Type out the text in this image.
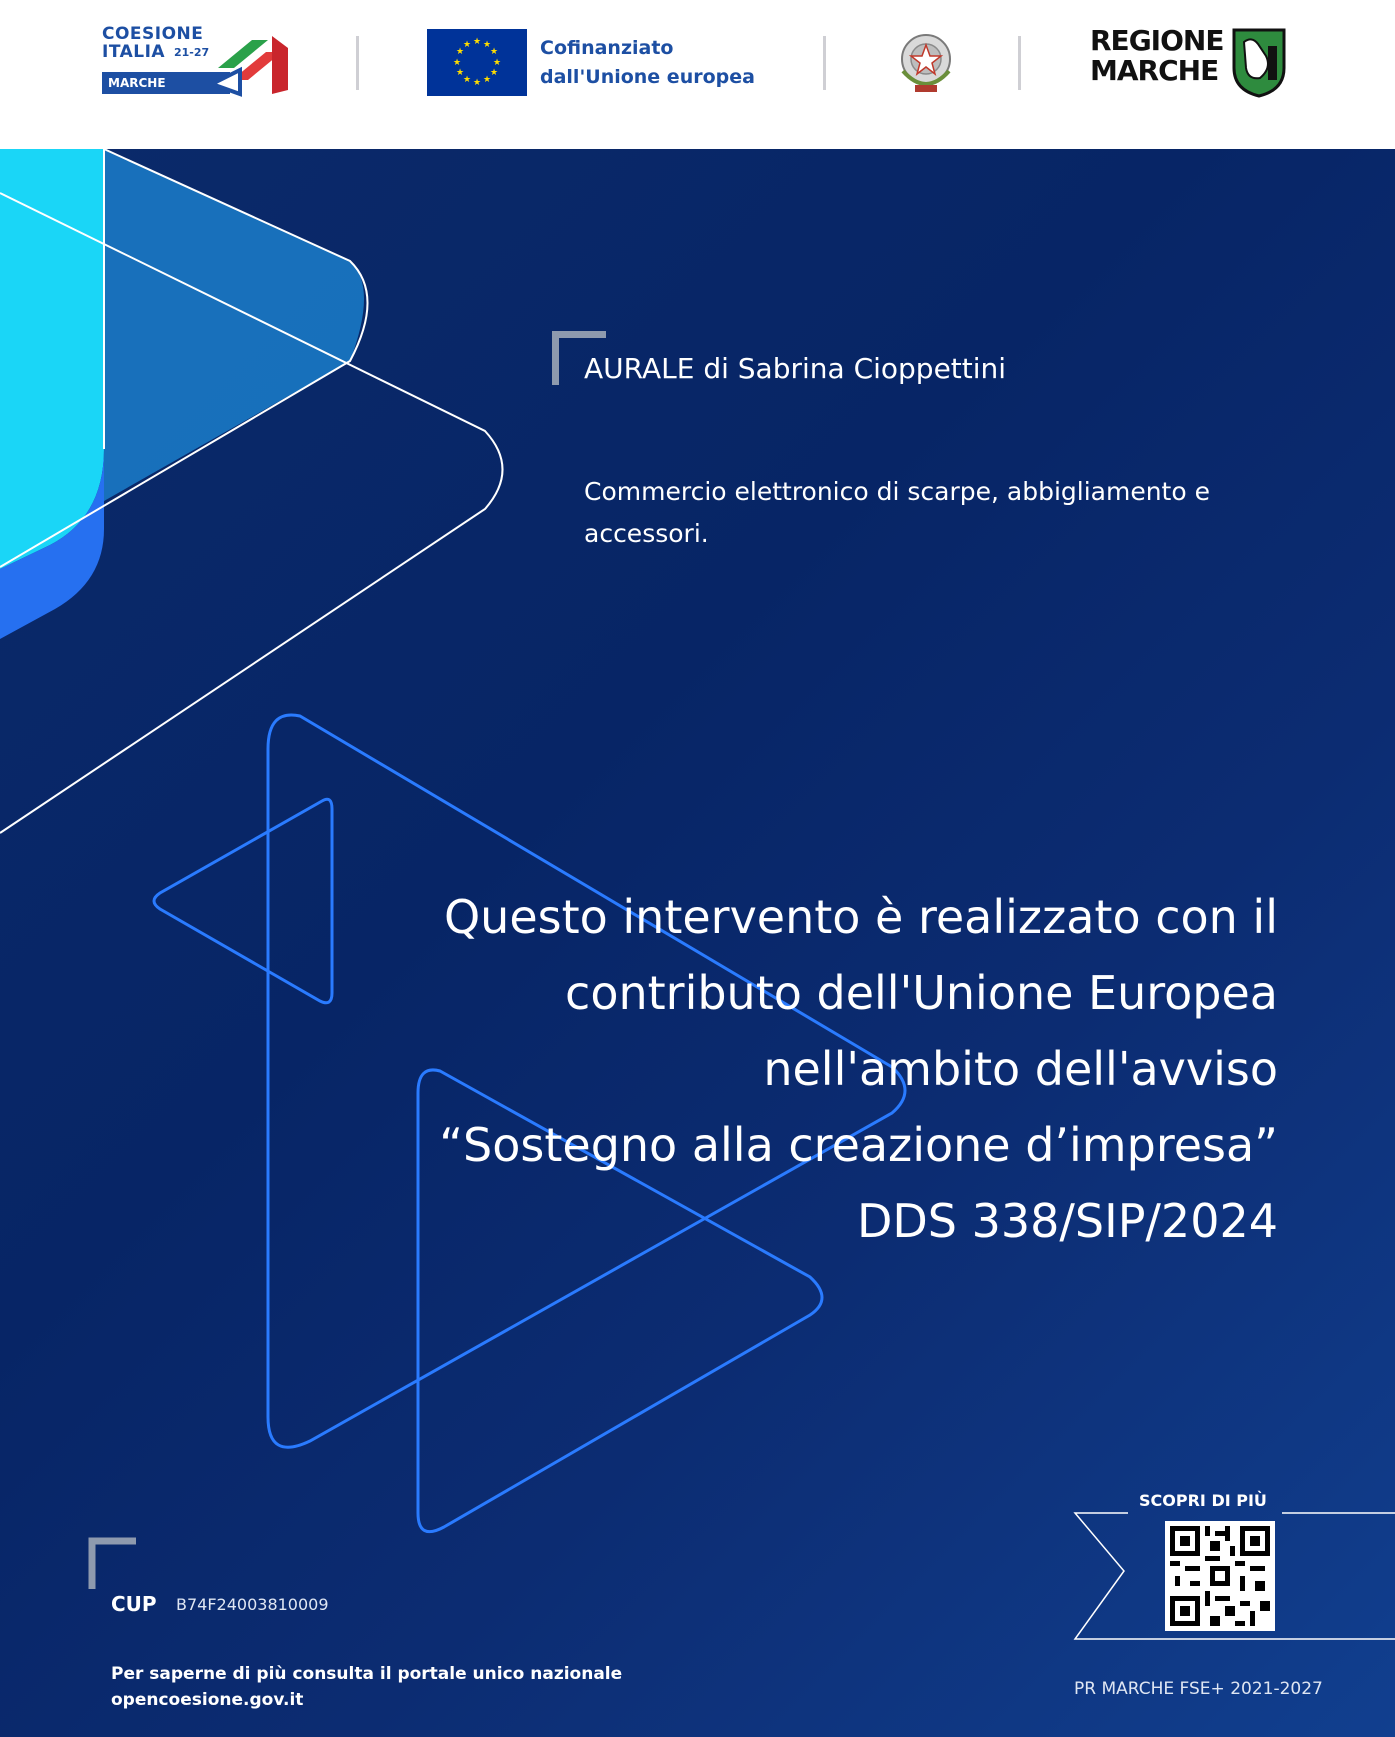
COESIONE
ITALIA 21-27
MARCHE
★ ★
★
★
★
★
★
★
★
★
★
★	Cofinanziato
dall'Unione europea
REGIONE
MARCHE
AURALE di Sabrina Cioppettini
Commercio elettronico di scarpe, abbigliamento e accessori.
Questo intervento è realizzato con il
contributo dell'Unione Europea
nell'ambito dell'avviso
“Sostegno alla creazione d’impresa”
DDS 338/SIP/2024
CUP B74F24003810009
Per saperne di più consulta il portale unico nazionale
opencoesione.gov.it
SCOPRI DI PIÙ
PR MARCHE FSE+ 2021-2027
